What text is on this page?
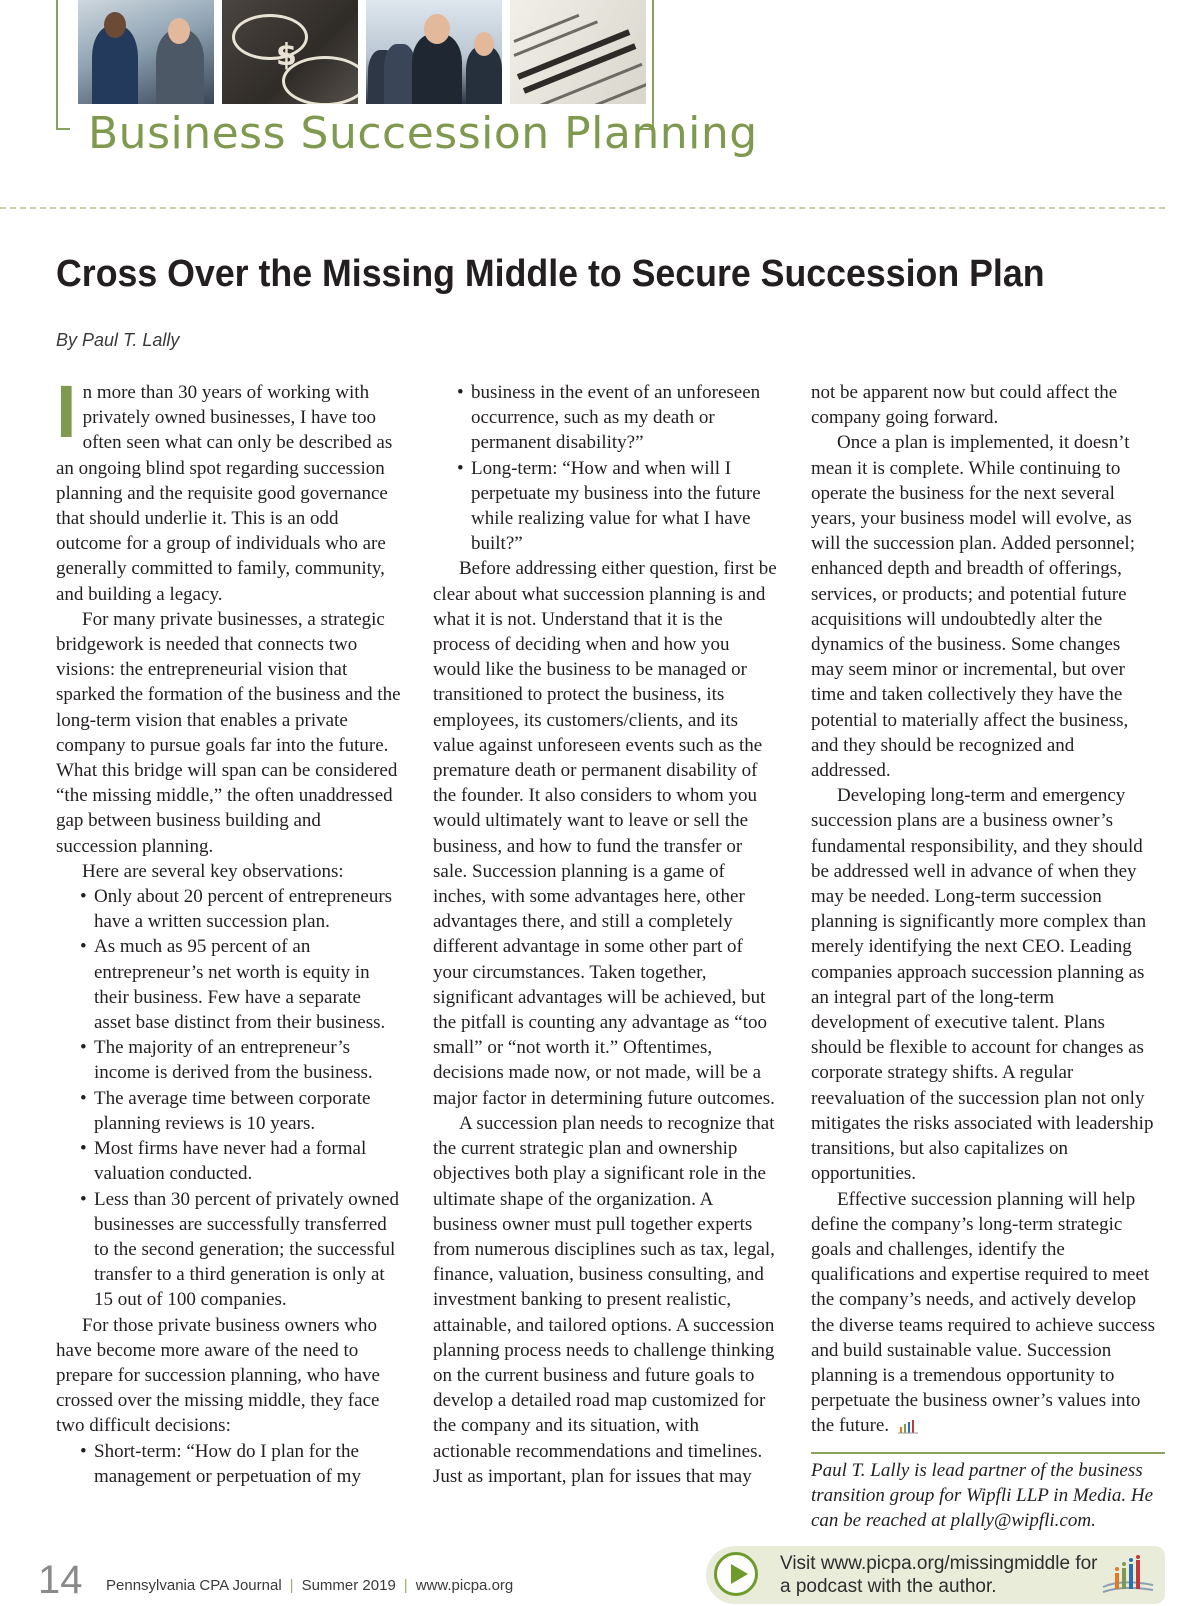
$
Business Succession Planning
Cross Over the Missing Middle to Secure Succession Plan
By Paul T. Lally

In more than 30 years of working with privately owned businesses, I have too often seen what can only be described as an ongoing blind spot regarding succession planning and the requisite good governance that should underlie it. This is an odd outcome for a group of individuals who are generally committed to family, community, and building a legacy.

For many private businesses, a strategic bridgework is needed that connects two visions: the entrepreneurial vision that sparked the formation of the business and the long-term vision that enables a private company to pursue goals far into the future. What this bridge will span can be considered “the missing middle,” the often unaddressed gap between business building and succession planning.

Here are several key observations:

• Only about 20 percent of entrepreneurs have a written succession plan.
• As much as 95 percent of an entrepreneur’s net worth is equity in their business. Few have a separate asset base distinct from their business.
• The majority of an entrepreneur’s income is derived from the business.
• The average time between corporate planning reviews is 10 years.
• Most firms have never had a formal valuation conducted.
• Less than 30 percent of privately owned businesses are successfully transferred to the second generation; the successful transfer to a third generation is only at 15 out of 100 companies.

For those private business owners who have become more aware of the need to prepare for succession planning, who have crossed over the missing middle, they face two difficult decisions:

• Short-term: “How do I plan for the management or perpetuation of my
• business in the event of an unforeseen occurrence, such as my death or permanent disability?”
• Long-term: “How and when will I perpetuate my business into the future while realizing value for what I have built?”

Before addressing either question, first be clear about what succession planning is and what it is not. Understand that it is the process of deciding when and how you would like the business to be managed or transitioned to protect the business, its employees, its customers/clients, and its value against unforeseen events such as the premature death or permanent disability of the founder. It also considers to whom you would ultimately want to leave or sell the business, and how to fund the transfer or sale. Succession planning is a game of inches, with some advantages here, other advantages there, and still a completely different advantage in some other part of your circumstances. Taken together, significant advantages will be achieved, but the pitfall is counting any advantage as “too small” or “not worth it.” Oftentimes, decisions made now, or not made, will be a major factor in determining future outcomes.

A succession plan needs to recognize that the current strategic plan and ownership objectives both play a significant role in the ultimate shape of the organization. A business owner must pull together experts from numerous disciplines such as tax, legal, finance, valuation, business consulting, and investment banking to present realistic, attainable, and tailored options. A succession planning process needs to challenge thinking on the current business and future goals to develop a detailed road map customized for the company and its situation, with actionable recommendations and timelines. Just as important, plan for issues that may

not be apparent now but could affect the company going forward.

Once a plan is implemented, it doesn’t mean it is complete. While continuing to operate the business for the next several years, your business model will evolve, as will the succession plan. Added personnel; enhanced depth and breadth of offerings, services, or products; and potential future acquisitions will undoubtedly alter the dynamics of the business. Some changes may seem minor or incremental, but over time and taken collectively they have the potential to materially affect the business, and they should be recognized and addressed.

Developing long-term and emergency succession plans are a business owner’s fundamental responsibility, and they should be addressed well in advance of when they may be needed. Long-term succession planning is significantly more complex than merely identifying the next CEO. Leading companies approach succession planning as an integral part of the long-term development of executive talent. Plans should be flexible to account for changes as corporate strategy shifts. A regular reevaluation of the succession plan not only mitigates the risks associated with leadership transitions, but also capitalizes on opportunities.

Effective succession planning will help define the company’s long-term strategic goals and challenges, identify the qualifications and expertise required to meet the company’s needs, and actively develop the diverse teams required to achieve success and build sustainable value. Succession planning is a tremendous opportunity to perpetuate the business owner’s values into the future.

Paul T. Lally is lead partner of the business transition group for Wipfli LLP in Media. He can be reached at plally@wipfli.com.
14 Pennsylvania CPA Journal | Summer 2019 | www.picpa.org
Visit www.picpa.org/missingmiddle for
a podcast with the author.
